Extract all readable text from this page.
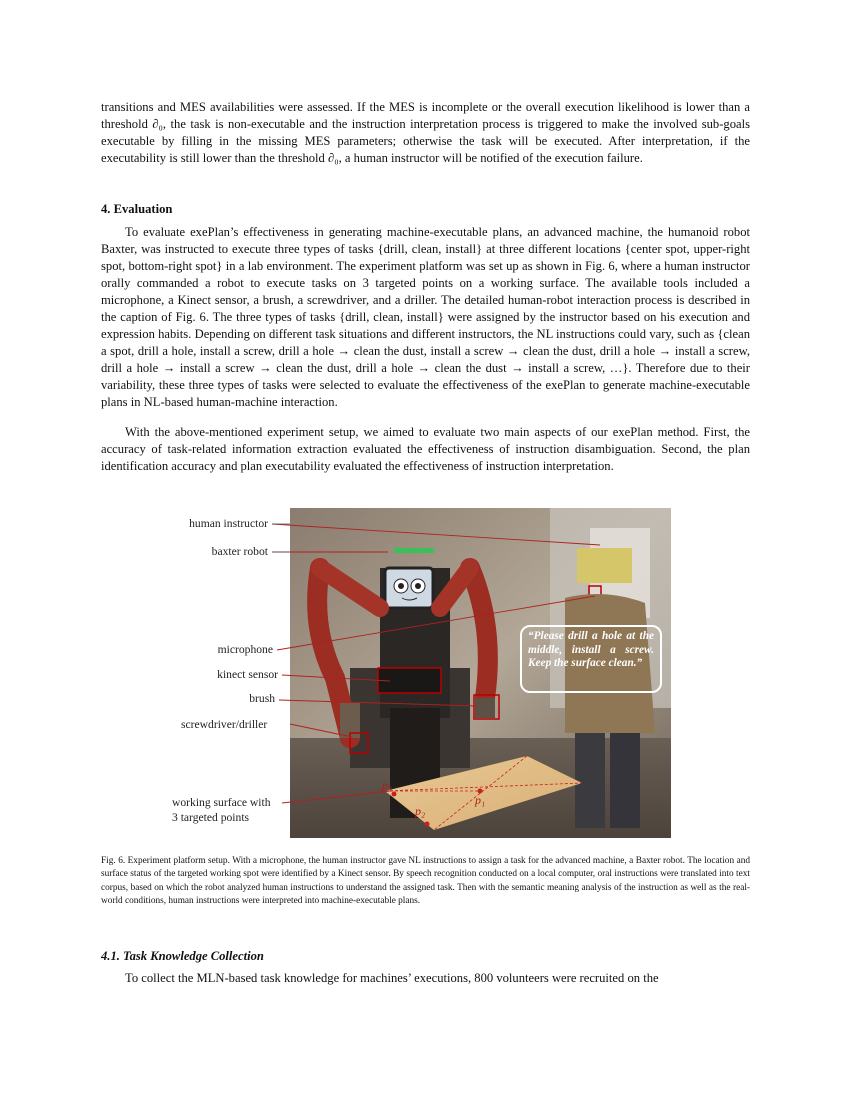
transitions and MES availabilities were assessed. If the MES is incomplete or the overall execution likelihood is lower than a threshold ∂₀, the task is non-executable and the instruction interpretation process is triggered to make the involved sub-goals executable by filling in the missing MES parameters; otherwise the task will be executed. After interpretation, if the executability is still lower than the threshold ∂₀, a human instructor will be notified of the execution failure.

4. Evaluation

To evaluate exePlan’s effectiveness in generating machine-executable plans, an advanced machine, the humanoid robot Baxter, was instructed to execute three types of tasks {drill, clean, install} at three different locations {center spot, upper-right spot, bottom-right spot} in a lab environment. The experiment platform was set up as shown in Fig. 6, where a human instructor orally commanded a robot to execute tasks on 3 targeted points on a working surface. The available tools included a microphone, a Kinect sensor, a brush, a screwdriver, and a driller. The detailed human-robot interaction process is described in the caption of Fig. 6. The three types of tasks {drill, clean, install} were assigned by the instructor based on his execution and expression habits. Depending on different task situations and different instructors, the NL instructions could vary, such as {clean a spot, drill a hole, install a screw, drill a hole → clean the dust, install a screw → clean the dust, drill a hole → install a screw, drill a hole → install a screw → clean the dust, drill a hole → clean the dust → install a screw, …}. Therefore due to their variability, these three types of tasks were selected to evaluate the effectiveness of the exePlan to generate machine-executable plans in NL-based human-machine interaction.

With the above-mentioned experiment setup, we aimed to evaluate two main aspects of our exePlan method. First, the accuracy of task-related information extraction evaluated the effectiveness of instruction disambiguation. Second, the plan identification accuracy and plan executability evaluated the effectiveness of instruction interpretation.

p₁
p₂
p₃
“Please drill a hole at the middle, install a screw. Keep the surface clean.”
human instructor
baxter robot
microphone
kinect sensor
brush
screwdriver/driller
working surface with
3 targeted points

Fig. 6. Experiment platform setup. With a microphone, the human instructor gave NL instructions to assign a task for the advanced machine, a Baxter robot. The location and surface status of the targeted working spot were identified by a Kinect sensor. By speech recognition conducted on a local computer, oral instructions were translated into text corpus, based on which the robot analyzed human instructions to understand the assigned task. Then with the semantic meaning analysis of the instruction as well as the real-world conditions, human instructions were interpreted into machine-executable plans.

4.1. Task Knowledge Collection

To collect the MLN-based task knowledge for machines’ executions, 800 volunteers were recruited on the
